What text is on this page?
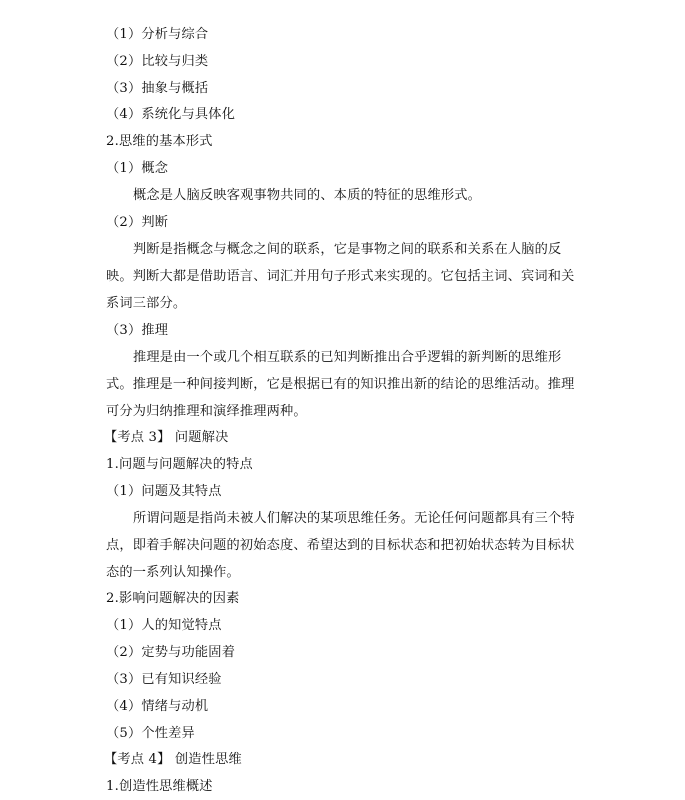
（1）分析与综合
（2）比较与归类
（3）抽象与概括
（4）系统化与具体化
2.思维的基本形式
（1）概念
概念是人脑反映客观事物共同的、本质的特征的思维形式。
（2）判断
判断是指概念与概念之间的联系，它是事物之间的联系和关系在人脑的反
映。判断大都是借助语言、词汇并用句子形式来实现的。它包括主词、宾词和关
系词三部分。
（3）推理
推理是由一个或几个相互联系的已知判断推出合乎逻辑的新判断的思维形
式。推理是一种间接判断，它是根据已有的知识推出新的结论的思维活动。推理
可分为归纳推理和演绎推理两种。
【考点 3】 问题解决
1.问题与问题解决的特点
（1）问题及其特点
所谓问题是指尚未被人们解决的某项思维任务。无论任何问题都具有三个特
点，即着手解决问题的初始态度、希望达到的目标状态和把初始状态转为目标状
态的一系列认知操作。
2.影响问题解决的因素
（1）人的知觉特点
（2）定势与功能固着
（3）已有知识经验
（4）情绪与动机
（5）个性差异
【考点 4】 创造性思维
1.创造性思维概述
